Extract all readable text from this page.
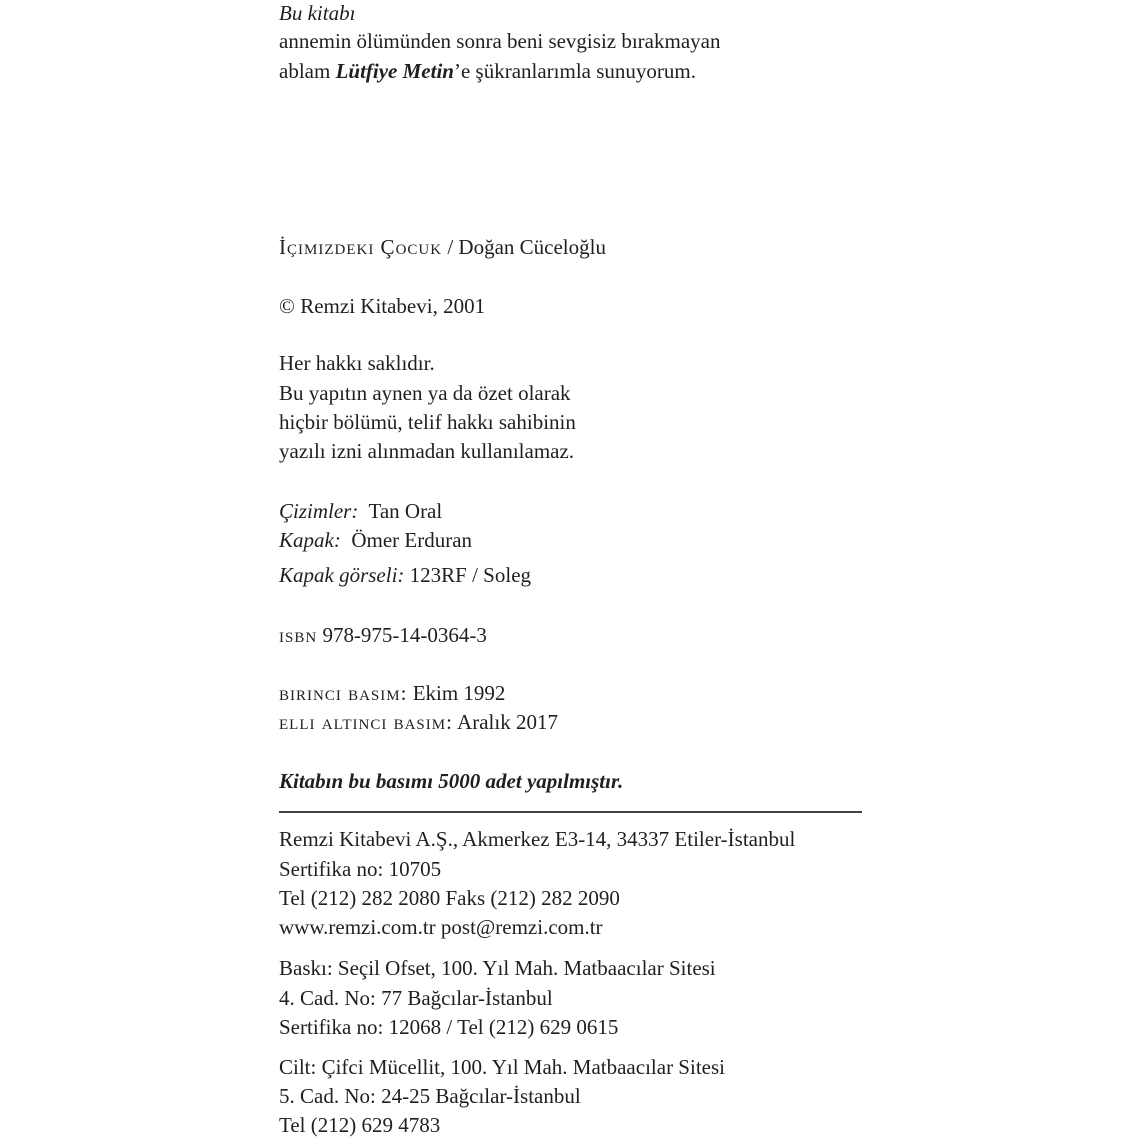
Bu kitabı
annemin ölümünden sonra beni sevgisiz bırakmayan
ablam Lütfiye Metin’e şükranlarımla sunuyorum.
İçimizdeki Çocuk / Doğan Cüceloğlu
© Remzi Kitabevi, 2001
Her hakkı saklıdır.
Bu yapıtın aynen ya da özet olarak
hiçbir bölümü, telif hakkı sahibinin
yazılı izni alınmadan kullanılamaz.
Çizimler: Tan Oral
Kapak: Ömer Erduran
Kapak görseli: 123RF / Soleg
isbn 978-975-14-0364-3
birinci basım: Ekim 1992
elli altıncı basım: Aralık 2017
Kitabın bu basımı 5000 adet yapılmıştır.
Remzi Kitabevi A.Ş., Akmerkez E3-14, 34337 Etiler-İstanbul
Sertifika no: 10705
Tel (212) 282 2080 Faks (212) 282 2090
www.remzi.com.tr post@remzi.com.tr
Baskı: Seçil Ofset, 100. Yıl Mah. Matbaacılar Sitesi
4. Cad. No: 77 Bağcılar-İstanbul
Sertifika no: 12068 / Tel (212) 629 0615
Cilt: Çifci Mücellit, 100. Yıl Mah. Matbaacılar Sitesi
5. Cad. No: 24-25 Bağcılar-İstanbul
Tel (212) 629 4783
